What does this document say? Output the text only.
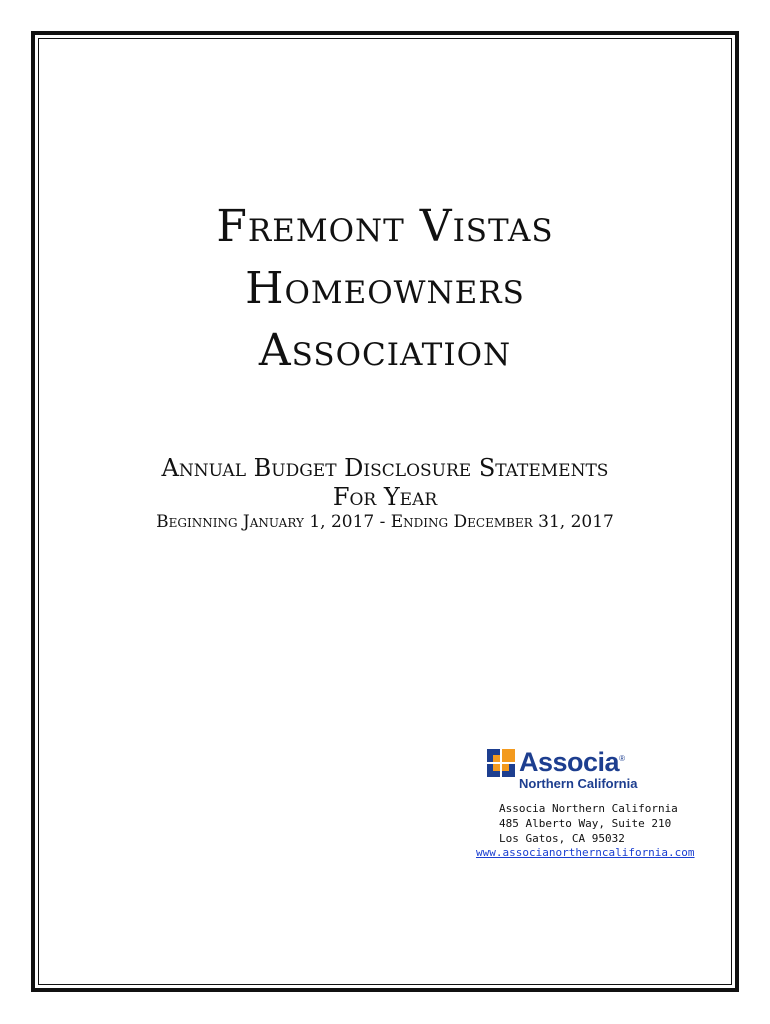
Fremont Vistas
Homeowners
Association
Annual Budget Disclosure Statements
For Year
Beginning January 1, 2017 - Ending December 31, 2017
Associa®
Northern California
Associa Northern California
485 Alberto Way, Suite 210
Los Gatos, CA 95032
www.associanortherncalifornia.com
